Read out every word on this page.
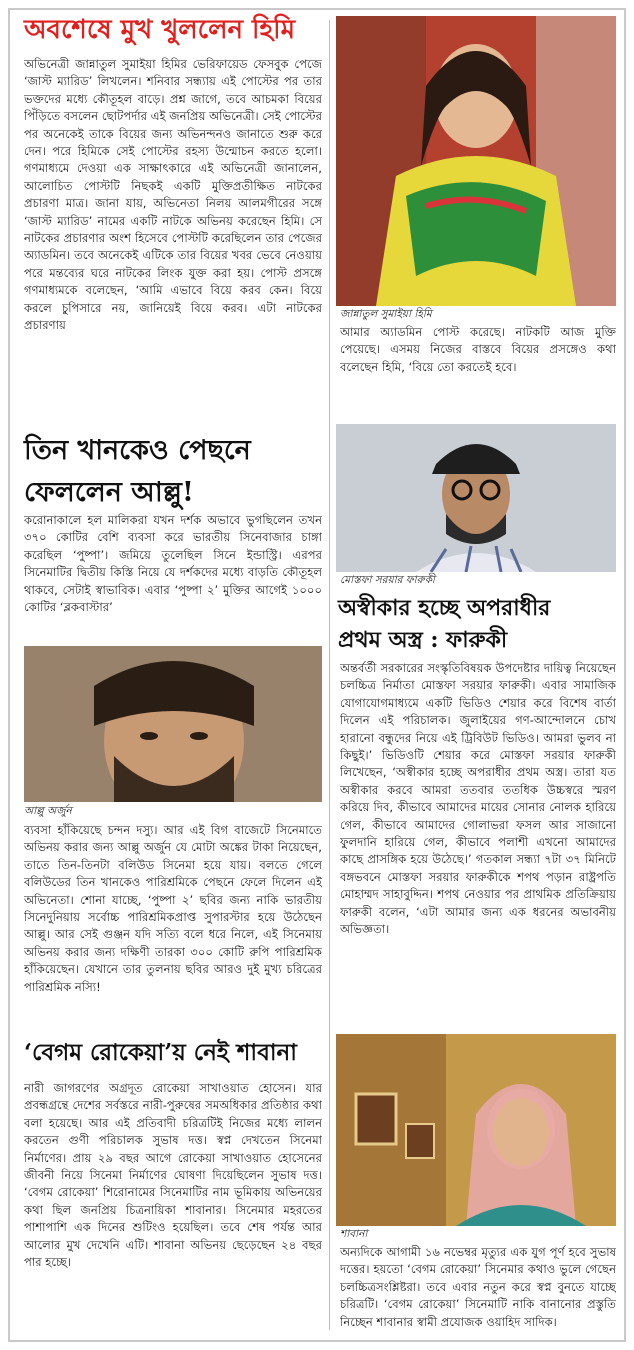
অবশেষে মুখ খুললেন হিমি

অভিনেত্রী জান্নাতুল সুমাইয়া হিমির ভেরিফায়েড ফেসবুক পেজে ‘জাস্ট ম্যারিড’ লিখলেন। শনিবার সন্ধ্যায় এই পোস্টের পর তার ভক্তদের মধ্যে কৌতূহল বাড়ে। প্রশ্ন জাগে, তবে আচমকা বিয়ের পিঁড়িতে বসলেন ছোটপর্দার এই জনপ্রিয় অভিনেত্রী। সেই পোস্টের পর অনেকেই তাকে বিয়ের জন্য অভিনন্দনও জানাতে শুরু করে দেন। পরে হিমিকে সেই পোস্টের রহস্য উন্মোচন করতে হলো। গণমাধ্যমে দেওয়া এক সাক্ষাৎকারে এই অভিনেত্রী জানালেন, আলোচিত পোস্টটি নিছকই একটি মুক্তিপ্রতীক্ষিত নাটকের প্রচারণা মাত্র। জানা যায়, অভিনেতা নিলয় আলমগীরের সঙ্গে ‘জাস্ট ম্যারিড’ নামের একটি নাটকে অভিনয় করেছেন হিমি। সে নাটকের প্রচারণার অংশ হিসেবে পোস্টটি করেছিলেন তার পেজের অ্যাডমিন। তবে অনেকেই এটিকে তার বিয়ের খবর ভেবে নেওয়ায় পরে মন্তব্যের ঘরে নাটকের লিংক যুক্ত করা হয়। পোস্ট প্রসঙ্গে গণমাধ্যমকে বলেছেন, ‘আমি এভাবে বিয়ে করব কেন। বিয়ে করলে চুপিসারে নয়, জানিয়েই বিয়ে করব। এটা নাটকের প্রচারণায়

তিন খানকেও পেছনে
ফেললেন আল্লু!

করোনাকালে হল মালিকরা যখন দর্শক অভাবে ভুগছিলেন তখন ৩৭০ কোটির বেশি ব্যবসা করে ভারতীয় সিনেবাজার চাঙ্গা করেছিল ‘পুষ্পা’। জমিয়ে তুলেছিল সিনে ইন্ডাস্ট্রি। এরপর সিনেমাটির দ্বিতীয় কিস্তি নিয়ে যে দর্শকদের মধ্যে বাড়তি কৌতূহল থাকবে, সেটাই স্বাভাবিক। এবার ‘পুষ্পা ২’ মুক্তির আগেই ১০০০ কোটির ‘ব্লকবাস্টার’

আল্লু অর্জুন

ব্যবসা হাঁকিয়েছে চন্দন দস্যু। আর এই বিগ বাজেটে সিনেমাতে অভিনয় করার জন্য আল্লু অর্জুন যে মোটা অঙ্কের টাকা নিয়েছেন, তাতে তিন-তিনটা বলিউড সিনেমা হয়ে যায়। বলতে গেলে বলিউডের তিন খানকেও পারিশ্রমিকে পেছনে ফেলে দিলেন এই অভিনেতা। শোনা যাচ্ছে, ‘পুষ্পা ২’ ছবির জন্য নাকি ভারতীয় সিনেদুনিয়ায় সর্বোচ্চ পারিশ্রমিকপ্রাপ্ত সুপারস্টার হয়ে উঠেছেন আল্লু। আর সেই গুঞ্জন যদি সত্যি বলে ধরে নিলে, এই সিনেমায় অভিনয় করার জন্য দক্ষিণী তারকা ৩০০ কোটি রুপি পারিশ্রমিক হাঁকিয়েছেন। যেখানে তার তুলনায় ছবির আরও দুই মুখ্য চরিত্রের পারিশ্রমিক নস্যি!

‘বেগম রোকেয়া’য় নেই শাবানা

নারী জাগরণের অগ্রদূত রোকেয়া সাখাওয়াত হোসেন। যার প্রবন্ধগ্রন্থে দেশের সর্বস্তরে নারী-পুরুষের সমঅধিকার প্রতিষ্ঠার কথা বলা হয়েছে। আর এই প্রতিবাদী চরিত্রটিই নিজের মধ্যে লালন করতেন গুণী পরিচালক সুভাষ দত্ত। স্বপ্ন দেখতেন সিনেমা নির্মাণের। প্রায় ২৯ বছর আগে রোকেয়া সাখাওয়াত হোসেনের জীবনী নিয়ে সিনেমা নির্মাণের ঘোষণা দিয়েছিলেন সুভাষ দত্ত। ‘বেগম রোকেয়া’ শিরোনামের সিনেমাটির নাম ভূমিকায় অভিনয়ের কথা ছিল জনপ্রিয় চিত্রনায়িকা শাবানার। সিনেমার মহরতের পাশাপাশি এক দিনের শুটিংও হয়েছিল। তবে শেষ পর্যন্ত আর আলোর মুখ দেখেনি এটি। শাবানা অভিনয় ছেড়েছেন ২৪ বছর পার হচ্ছে।

জান্নাতুল সুমাইয়া হিমি

আমার অ্যাডমিন পোস্ট করেছে। নাটকটি আজ মুক্তি পেয়েছে। এসময় নিজের বাস্তবে বিয়ের প্রসঙ্গেও কথা বলেছেন হিমি, ‘বিয়ে তো করতেই হবে।

মোস্তফা সরয়ার ফারুকী
অস্বীকার হচ্ছে অপরাধীর
প্রথম অস্ত্র : ফারুকী

অন্তর্বর্তী সরকারের সংস্কৃতিবিষয়ক উপদেষ্টার দায়িত্ব নিয়েছেন চলচ্চিত্র নির্মাতা মোস্তফা সরয়ার ফারুকী। এবার সামাজিক যোগাযোগমাধ্যমে একটি ভিডিও শেয়ার করে বিশেষ বার্তা দিলেন এই পরিচালক। জুলাইয়ের গণ-আন্দোলনে চোখ হারানো বন্ধুদের নিয়ে এই ট্রিবিউট ভিডিও। আমরা ভুলব না কিছুই।’ ভিডিওটি শেয়ার করে মোস্তফা সরয়ার ফারুকী লিখেছেন, ‘অস্বীকার হচ্ছে অপরাধীর প্রথম অস্ত্র। তারা যত অস্বীকার করবে আমরা ততবার ততধিক উচ্চস্বরে স্মরণ করিয়ে দিব, কীভাবে আমাদের মায়ের সোনার নোলক হারিয়ে গেল, কীভাবে আমাদের গোলাভরা ফসল আর সাজানো ফুলদানি হারিয়ে গেল, কীভাবে পলাশী এখনো আমাদের কাছে প্রাসঙ্গিক হয়ে উঠেছে।’ গতকাল সন্ধ্যা ৭টা ৩৭ মিনিটে বঙ্গভবনে মোস্তফা সরয়ার ফারুকীকে শপথ পড়ান রাষ্ট্রপতি মোহাম্মদ সাহাবুদ্দিন। শপথ নেওয়ার পর প্রাথমিক প্রতিক্রিয়ায় ফারুকী বলেন, ‘এটা আমার জন্য এক ধরনের অভাবনীয় অভিজ্ঞতা।

শাবানা

অন্যদিকে আগামী ১৬ নভেম্বর মৃত্যুর এক যুগ পূর্ণ হবে সুভাষ দত্তের। হয়তো ‘বেগম রোকেয়া’ সিনেমার কথাও ভুলে গেছেন চলচ্চিত্রসংশ্লিষ্টরা। তবে এবার নতুন করে স্বপ্ন বুনতে যাচ্ছে চরিত্রটি। ‘বেগম রোকেয়া’ সিনেমাটি নাকি বানানোর প্রস্তুতি নিচ্ছেন শাবানার স্বামী প্রযোজক ওয়াহিদ সাদিক।
